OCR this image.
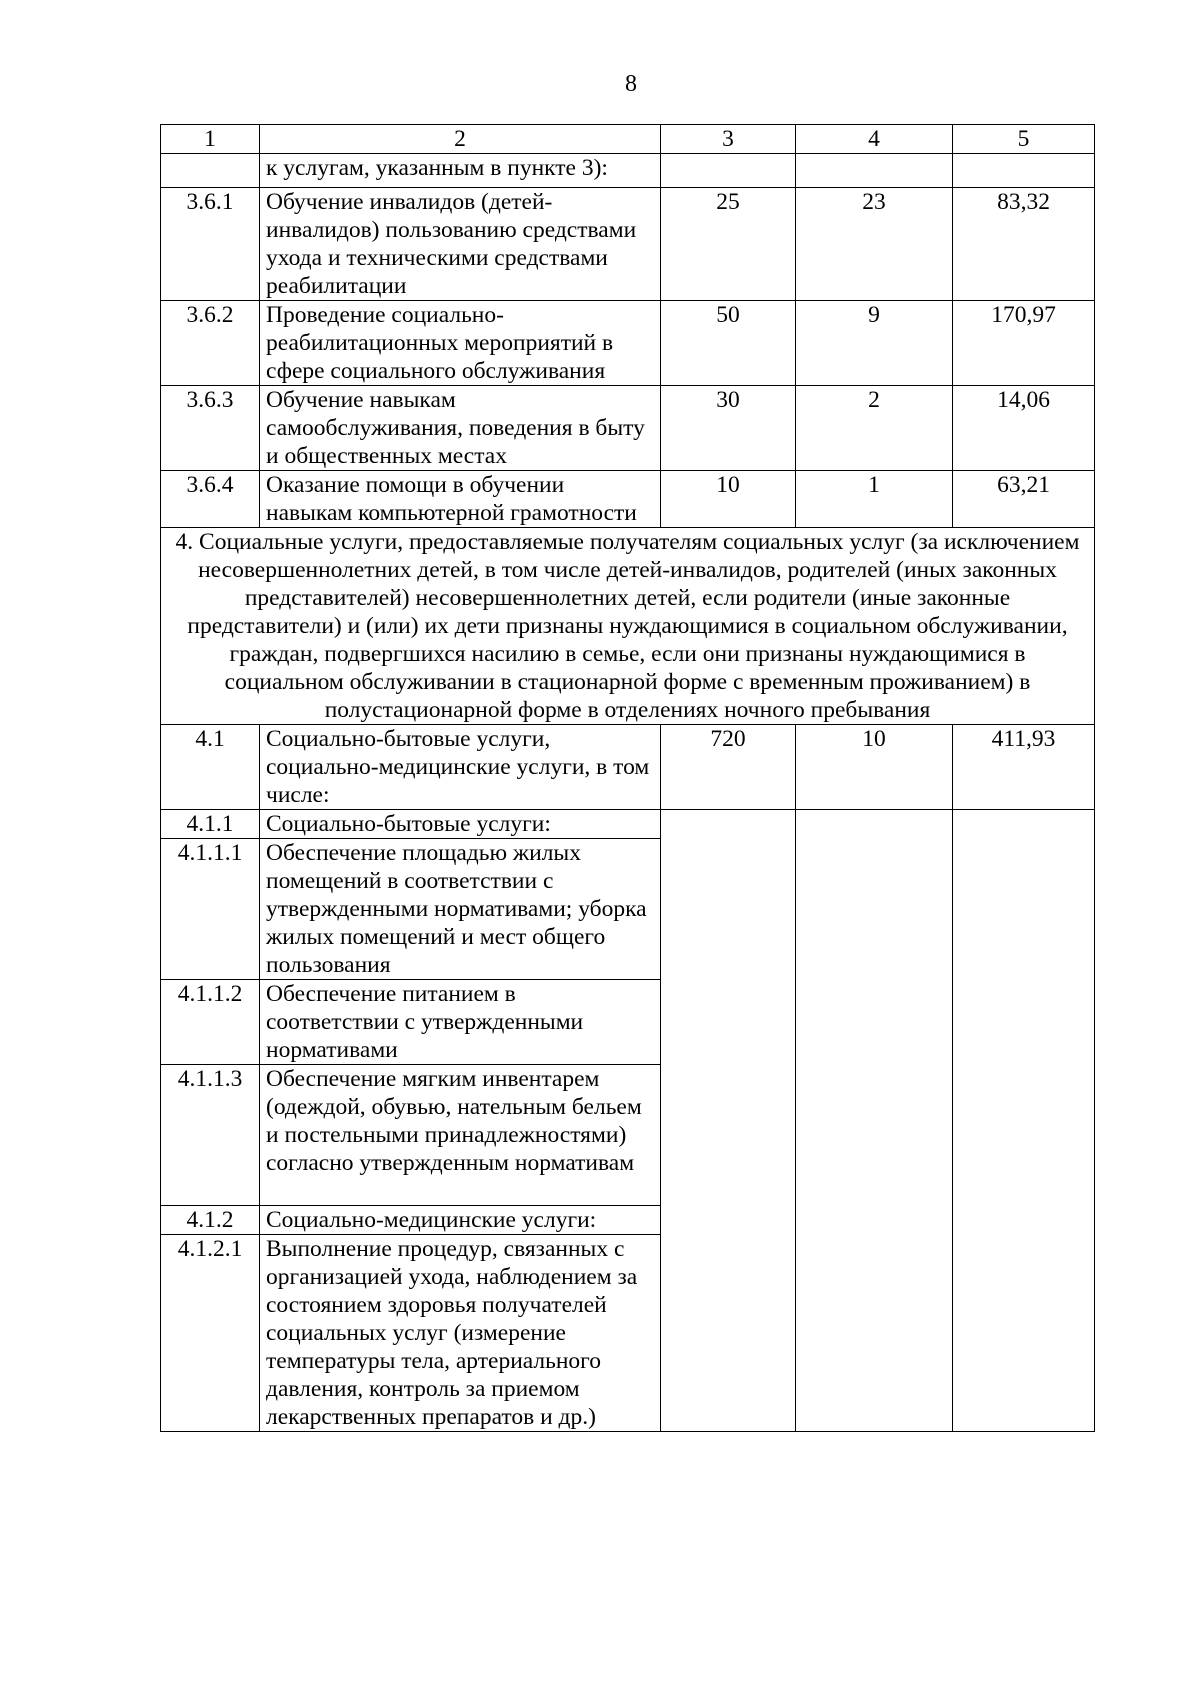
8
1	2	3	4	5
	к услугам, указанным в пункте 3):			
3.6.1	Обучение инвалидов (детей-инвалидов) пользованию средствами ухода и техническими средствами реабилитации	25	23	83,32
3.6.2	Проведение социально-реабилитационных мероприятий в сфере социального обслуживания	50	9	170,97
3.6.3	Обучение навыкам самообслуживания, поведения в быту и общественных местах	30	2	14,06
3.6.4	Оказание помощи в обучении навыкам компьютерной грамотности	10	1	63,21
4. Социальные услуги, предоставляемые получателям социальных услуг (за исключением несовершеннолетних детей, в том числе детей-инвалидов, родителей (иных законных представителей) несовершеннолетних детей, если родители (иные законные представители) и (или) их дети признаны нуждающимися в социальном обслуживании, граждан, подвергшихся насилию в семье, если они признаны нуждающимися в социальном обслуживании в стационарной форме с временным проживанием) в полустационарной форме в отделениях ночного пребывания				
4.1	Социально-бытовые услуги, социально-медицинские услуги, в том числе:	720	10	411,93
4.1.1	Социально-бытовые услуги:			
4.1.1.1	Обеспечение площадью жилых помещений в соответствии с утвержденными нормативами; уборка жилых помещений и мест общего пользования			
4.1.1.2	Обеспечение питанием в соответствии с утвержденными нормативами			
4.1.1.3	Обеспечение мягким инвентарем (одеждой, обувью, нательным бельем и постельными принадлежностями) согласно утвержденным нормативам			
4.1.2	Социально-медицинские услуги:			
4.1.2.1	Выполнение процедур, связанных с организацией ухода, наблюдением за состоянием здоровья получателей социальных услуг (измерение температуры тела, артериального давления, контроль за приемом лекарственных препаратов и др.)			
